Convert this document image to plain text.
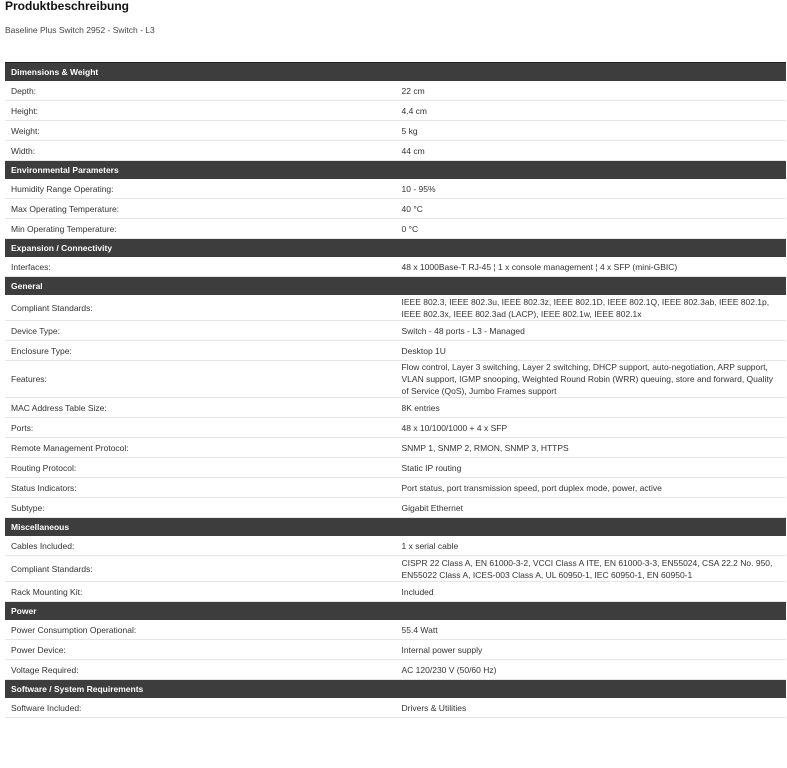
Produktbeschreibung
Baseline Plus Switch 2952 - Switch - L3
Dimensions & Weight	
Depth:	22 cm
Height:	4.4 cm
Weight:	5 kg
Width:	44 cm
Environmental Parameters	
Humidity Range Operating:	10 - 95%
Max Operating Temperature:	40 °C
Min Operating Temperature:	0 °C
Expansion / Connectivity	
Interfaces:	48 x 1000Base-T RJ-45 ¦ 1 x console management ¦ 4 x SFP (mini-GBIC)
General	
Compliant Standards:	IEEE 802.3, IEEE 802.3u, IEEE 802.3z, IEEE 802.1D, IEEE 802.1Q, IEEE 802.3ab, IEEE 802.1p, IEEE 802.3x, IEEE 802.3ad (LACP), IEEE 802.1w, IEEE 802.1x
Device Type:	Switch - 48 ports - L3 - Managed
Enclosure Type:	Desktop 1U
Features:	Flow control, Layer 3 switching, Layer 2 switching, DHCP support, auto-negotiation, ARP support, VLAN support, IGMP snooping, Weighted Round Robin (WRR) queuing, store and forward, Quality of Service (QoS), Jumbo Frames support
MAC Address Table Size:	8K entries
Ports:	48 x 10/100/1000 + 4 x SFP
Remote Management Protocol:	SNMP 1, SNMP 2, RMON, SNMP 3, HTTPS
Routing Protocol:	Static IP routing
Status Indicators:	Port status, port transmission speed, port duplex mode, power, active
Subtype:	Gigabit Ethernet
Miscellaneous	
Cables Included:	1 x serial cable
Compliant Standards:	CISPR 22 Class A, EN 61000-3-2, VCCI Class A ITE, EN 61000-3-3, EN55024, CSA 22.2 No. 950, EN55022 Class A, ICES-003 Class A, UL 60950-1, IEC 60950-1, EN 60950-1
Rack Mounting Kit:	Included
Power	
Power Consumption Operational:	55.4 Watt
Power Device:	Internal power supply
Voltage Required:	AC 120/230 V (50/60 Hz)
Software / System Requirements	
Software Included:	Drivers & Utilities
